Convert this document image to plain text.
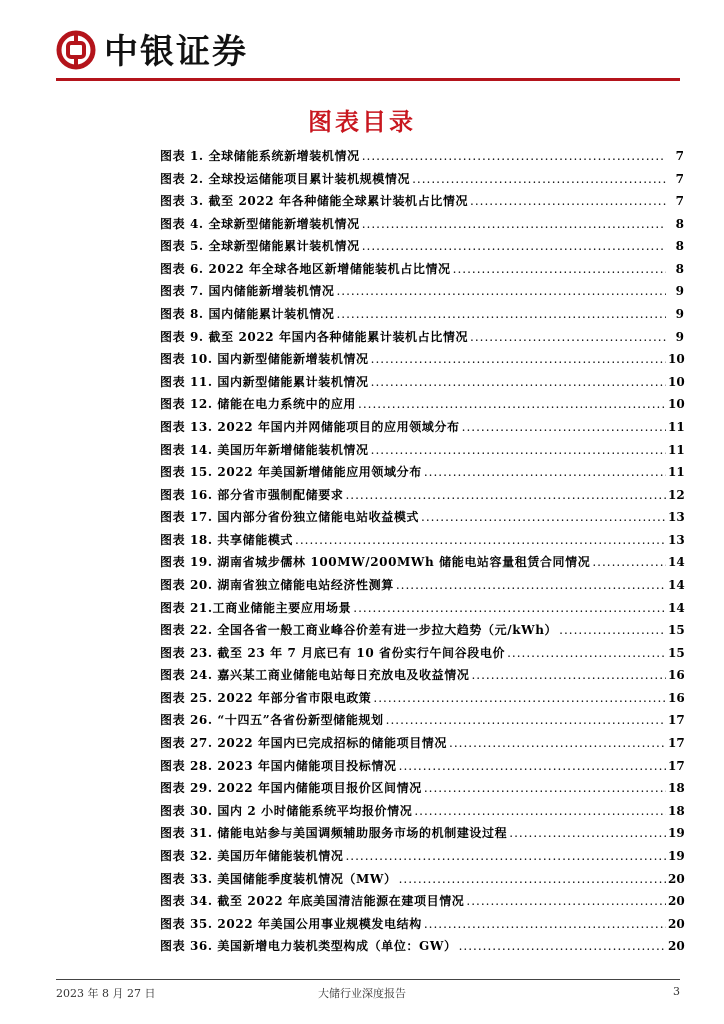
中银证券
图表目录
图表 1. 全球储能系统新增装机情况 .....	7
图表 2. 全球投运储能项目累计装机规模情况 .....	7
图表 3. 截至 2022 年各种储能全球累计装机占比情况 .....	7
图表 4. 全球新型储能新增装机情况 .....	8
图表 5. 全球新型储能累计装机情况 .....	8
图表 6. 2022 年全球各地区新增储能装机占比情况 .....	8
图表 7. 国内储能新增装机情况 .....	9
图表 8. 国内储能累计装机情况 .....	9
图表 9. 截至 2022 年国内各种储能累计装机占比情况 .....	9
图表 10. 国内新型储能新增装机情况 .....	10
图表 11. 国内新型储能累计装机情况 .....	10
图表 12. 储能在电力系统中的应用 .....	10
图表 13. 2022 年国内并网储能项目的应用领域分布 .....	11
图表 14. 美国历年新增储能装机情况 .....	11
图表 15. 2022 年美国新增储能应用领域分布 .....	11
图表 16. 部分省市强制配储要求 .....	12
图表 17. 国内部分省份独立储能电站收益模式 .....	13
图表 18. 共享储能模式 .....	13
图表 19. 湖南省城步儒林 100MW/200MWh 储能电站容量租赁合同情况 .....	14
图表 20. 湖南省独立储能电站经济性测算 .....	14
图表 21.工商业储能主要应用场景 .....	14
图表 22. 全国各省一般工商业峰谷价差有进一步拉大趋势（元/kWh） .....	15
图表 23. 截至 23 年 7 月底已有 10 省份实行午间谷段电价 .....	15
图表 24. 嘉兴某工商业储能电站每日充放电及收益情况 .....	16
图表 25. 2022 年部分省市限电政策 .....	16
图表 26. “十四五”各省份新型储能规划 .....	17
图表 27. 2022 年国内已完成招标的储能项目情况 .....	17
图表 28. 2023 年国内储能项目投标情况 .....	17
图表 29. 2022 年国内储能项目报价区间情况 .....	18
图表 30. 国内 2 小时储能系统平均报价情况 .....	18
图表 31. 储能电站参与美国调频辅助服务市场的机制建设过程 .....	19
图表 32. 美国历年储能装机情况 .....	19
图表 33. 美国储能季度装机情况（MW） .....	20
图表 34. 截至 2022 年底美国清洁能源在建项目情况 .....	20
图表 35. 2022 年美国公用事业规模发电结构 .....	20
图表 36. 美国新增电力装机类型构成（单位：GW） .....	20
2023 年 8 月 27 日	大储行业深度报告	3
